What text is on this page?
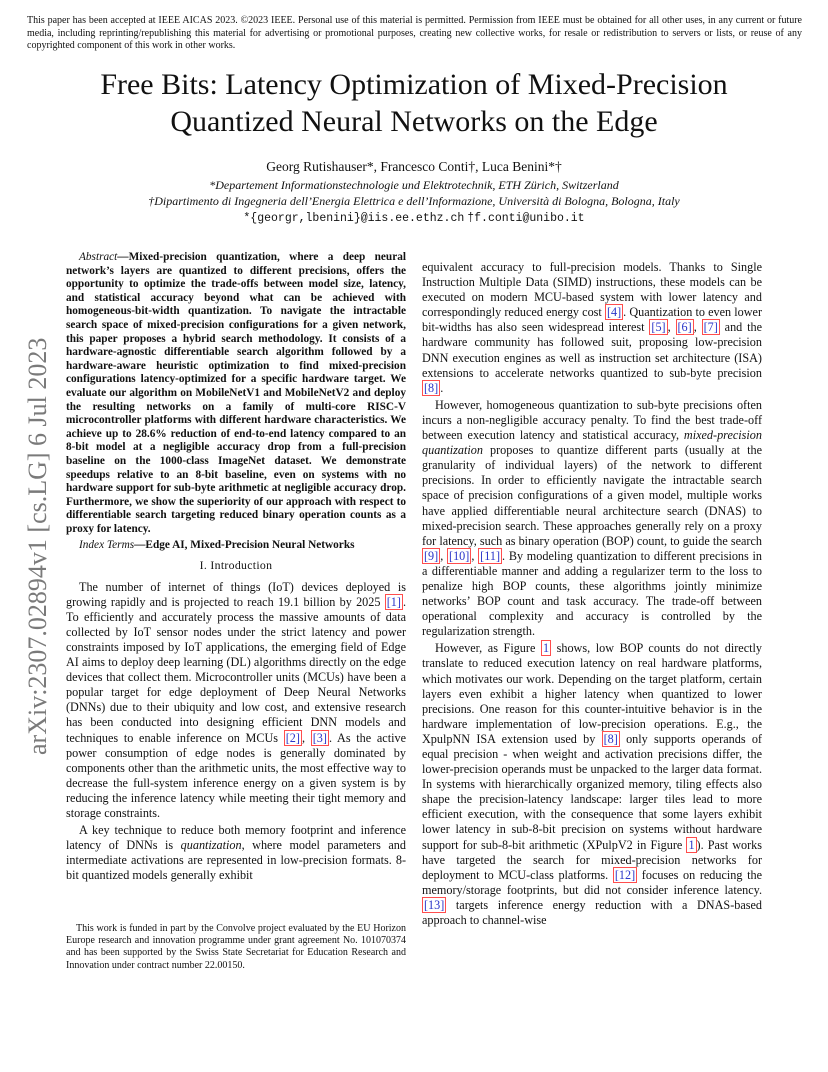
This paper has been accepted at IEEE AICAS 2023. ©2023 IEEE. Personal use of this material is permitted. Permission from IEEE must be obtained for all other uses, in any current or future media, including reprinting/republishing this material for advertising or promotional purposes, creating new collective works, for resale or redistribution to servers or lists, or reuse of any copyrighted component of this work in other works.
Free Bits: Latency Optimization of Mixed-Precision
Quantized Neural Networks on the Edge
Georg Rutishauser*, Francesco Conti†, Luca Benini*†
*Departement Informationstechnologie und Elektrotechnik, ETH Zürich, Switzerland
†Dipartimento di Ingegneria dell’Energia Elettrica e dell’Informazione, Università di Bologna, Bologna, Italy
*{georgr,lbenini}@iis.ee.ethz.ch †f.conti@unibo.it
arXiv:2307.02894v1 [cs.LG] 6 Jul 2023

Abstract—Mixed-precision quantization, where a deep neural network’s layers are quantized to different precisions, offers the opportunity to optimize the trade-offs between model size, latency, and statistical accuracy beyond what can be achieved with homogeneous-bit-width quantization. To navigate the intractable search space of mixed-precision configurations for a given network, this paper proposes a hybrid search methodology. It consists of a hardware-agnostic differentiable search algorithm followed by a hardware-aware heuristic optimization to find mixed-precision configurations latency-optimized for a specific hardware target. We evaluate our algorithm on MobileNetV1 and MobileNetV2 and deploy the resulting networks on a family of multi-core RISC-V microcontroller platforms with different hardware characteristics. We achieve up to 28.6% reduction of end-to-end latency compared to an 8-bit model at a negligible accuracy drop from a full-precision baseline on the 1000-class ImageNet dataset. We demonstrate speedups relative to an 8-bit baseline, even on systems with no hardware support for sub-byte arithmetic at negligible accuracy drop. Furthermore, we show the superiority of our approach with respect to differentiable search targeting reduced binary operation counts as a proxy for latency.

Index Terms—Edge AI, Mixed-Precision Neural Networks

I. Introduction

The number of internet of things (IoT) devices deployed is growing rapidly and is projected to reach 19.1 billion by 2025 [1] . To efficiently and accurately process the massive amounts of data collected by IoT sensor nodes under the strict latency and power constraints imposed by IoT applications, the emerging field of Edge AI aims to deploy deep learning (DL) algorithms directly on the edge devices that collect them. Microcontroller units (MCUs) have been a popular target for edge deployment of Deep Neural Networks (DNNs) due to their ubiquity and low cost, and extensive research has been conducted into designing efficient DNN models and techniques to enable inference on MCUs [2] , [3] . As the active power consumption of edge nodes is generally dominated by components other than the arithmetic units, the most effective way to decrease the full-system inference energy on a given system is by reducing the inference latency while meeting their tight memory and storage constraints.

A key technique to reduce both memory footprint and inference latency of DNNs is quantization, where model parameters and intermediate activations are represented in low-precision formats. 8-bit quantized models generally exhibit

This work is funded in part by the Convolve project evaluated by the EU Horizon Europe research and innovation programme under grant agreement No. 101070374 and has been supported by the Swiss State Secretariat for Education Research and Innovation under contract number 22.00150.

equivalent accuracy to full-precision models. Thanks to Single Instruction Multiple Data (SIMD) instructions, these models can be executed on modern MCU-based system with lower latency and correspondingly reduced energy cost [4] . Quantization to even lower bit-widths has also seen widespread interest [5] , [6] , [7] and the hardware community has followed suit, proposing low-precision DNN execution engines as well as instruction set architecture (ISA) extensions to accelerate networks quantized to sub-byte precision [8] .

However, homogeneous quantization to sub-byte precisions often incurs a non-negligible accuracy penalty. To find the best trade-off between execution latency and statistical accuracy, mixed-precision quantization proposes to quantize different parts (usually at the granularity of individual layers) of the network to different precisions. In order to efficiently navigate the intractable search space of precision configurations of a given model, multiple works have applied differentiable neural architecture search (DNAS) to mixed-precision search. These approaches generally rely on a proxy for latency, such as binary operation (BOP) count, to guide the search [9] , [10] , [11] . By modeling quantization to different precisions in a differentiable manner and adding a regularizer term to the loss to penalize high BOP counts, these algorithms jointly minimize networks’ BOP count and task accuracy. The trade-off between operational complexity and accuracy is controlled by the regularization strength.

However, as Figure 1 shows, low BOP counts do not directly translate to reduced execution latency on real hardware platforms, which motivates our work. Depending on the target platform, certain layers even exhibit a higher latency when quantized to lower precisions. One reason for this counter-intuitive behavior is in the hardware implementation of low-precision operations. E.g., the XpulpNN ISA extension used by [8] only supports operands of equal precision - when weight and activation precisions differ, the lower-precision operands must be unpacked to the larger data format. In systems with hierarchically organized memory, tiling effects also shape the precision-latency landscape: larger tiles lead to more efficient execution, with the consequence that some layers exhibit lower latency in sub-8-bit precision on systems without hardware support for sub-8-bit arithmetic (XPulpV2 in Figure 1 ). Past works have targeted the search for mixed-precision networks for deployment to MCU-class platforms. [12] focuses on reducing the memory/storage footprints, but did not consider inference latency. [13] targets inference energy reduction with a DNAS-based approach to channel-wise
